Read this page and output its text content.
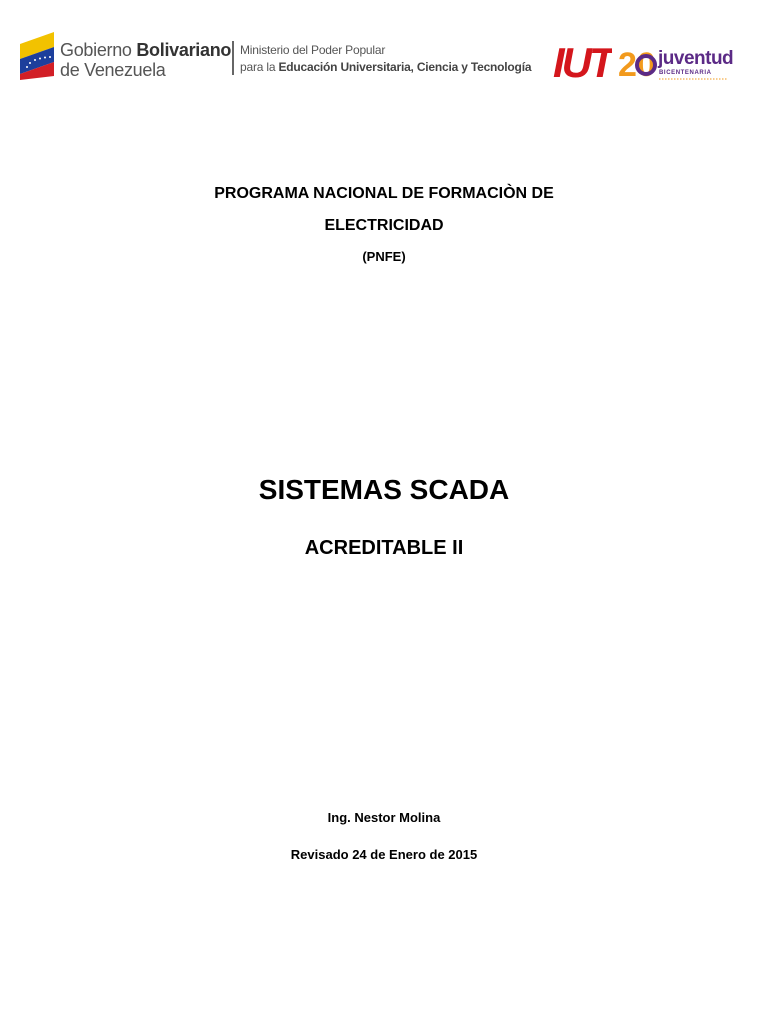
Gobierno Bolivariano
de Venezuela
Ministerio del Poder Popular
para la Educación Universitaria, Ciencia y Tecnología IUT 20 juventud
BICENTENARIA
PROGRAMA NACIONAL DE FORMACIÒN DE
ELECTRICIDAD
(PNFE)
SISTEMAS SCADA
ACREDITABLE II
Ing. Nestor Molina
Revisado 24 de Enero de 2015
